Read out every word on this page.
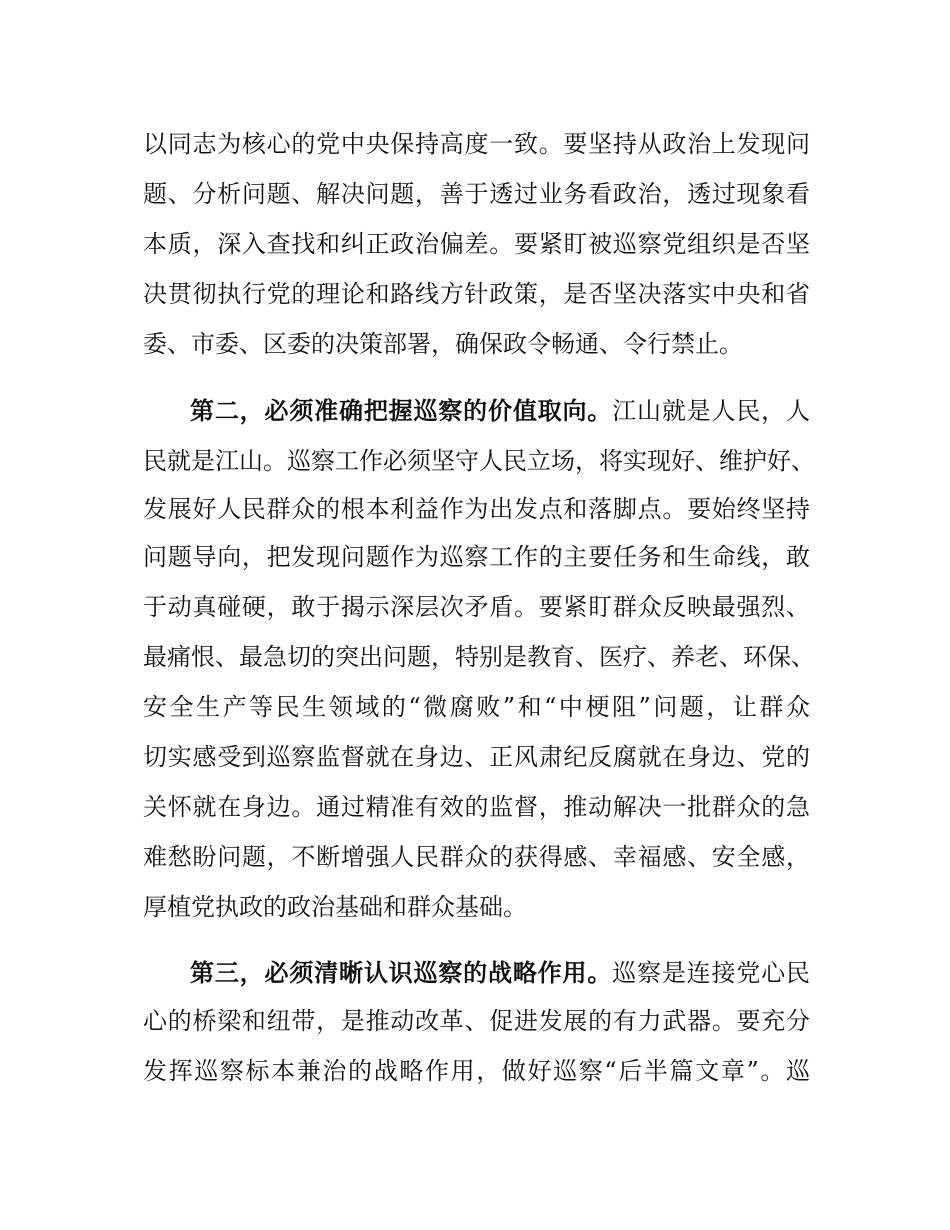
以同志为核心的党中央保持高度一致。要坚持从政治上发现问
题、分析问题、解决问题，善于透过业务看政治，透过现象看
本质，深入查找和纠正政治偏差。要紧盯被巡察党组织是否坚
决贯彻执行党的理论和路线方针政策，是否坚决落实中央和省
委、市委、区委的决策部署，确保政令畅通、令行禁止。
第二，必须准确把握巡察的价值取向。江山就是人民，人
民就是江山。巡察工作必须坚守人民立场，将实现好、维护好、
发展好人民群众的根本利益作为出发点和落脚点。要始终坚持
问题导向，把发现问题作为巡察工作的主要任务和生命线，敢
于动真碰硬，敢于揭示深层次矛盾。要紧盯群众反映最强烈、
最痛恨、最急切的突出问题，特别是教育、医疗、养老、环保、
安全生产等民生领域的“微腐败”和“中梗阻”问题，让群众
切实感受到巡察监督就在身边、正风肃纪反腐就在身边、党的
关怀就在身边。通过精准有效的监督，推动解决一批群众的急
难愁盼问题，不断增强人民群众的获得感、幸福感、安全感，
厚植党执政的政治基础和群众基础。
第三，必须清晰认识巡察的战略作用。巡察是连接党心民
心的桥梁和纽带，是推动改革、促进发展的有力武器。要充分
发挥巡察标本兼治的战略作用，做好巡察“后半篇文章”。巡
